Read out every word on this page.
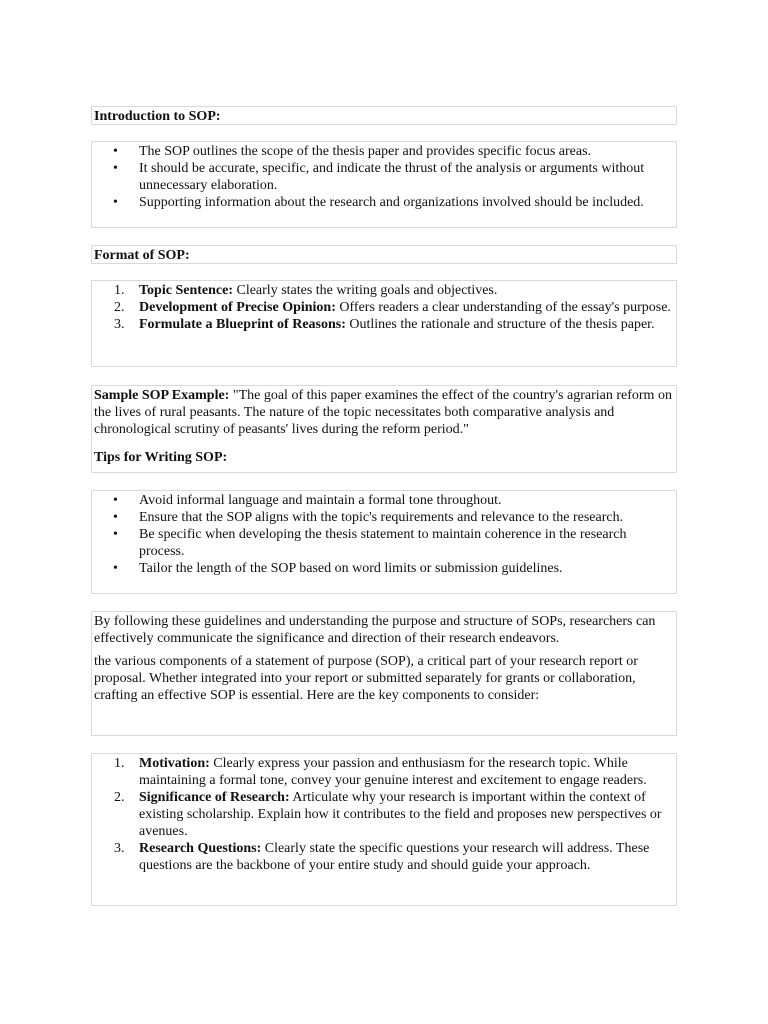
Introduction to SOP:
• The SOP outlines the scope of the thesis paper and provides specific focus areas.
• It should be accurate, specific, and indicate the thrust of the analysis or arguments without unnecessary elaboration.
• Supporting information about the research and organizations involved should be included.
Format of SOP:
1. Topic Sentence: Clearly states the writing goals and objectives.
2. Development of Precise Opinion: Offers readers a clear understanding of the essay's purpose.
3. Formulate a Blueprint of Reasons: Outlines the rationale and structure of the thesis paper.
Sample SOP Example: "The goal of this paper examines the effect of the country's agrarian reform on the lives of rural peasants. The nature of the topic necessitates both comparative analysis and chronological scrutiny of peasants' lives during the reform period."
Tips for Writing SOP:
• Avoid informal language and maintain a formal tone throughout.
• Ensure that the SOP aligns with the topic's requirements and relevance to the research.
• Be specific when developing the thesis statement to maintain coherence in the research process.
• Tailor the length of the SOP based on word limits or submission guidelines.
By following these guidelines and understanding the purpose and structure of SOPs, researchers can effectively communicate the significance and direction of their research endeavors.
the various components of a statement of purpose (SOP), a critical part of your research report or proposal. Whether integrated into your report or submitted separately for grants or collaboration, crafting an effective SOP is essential. Here are the key components to consider:
1. Motivation: Clearly express your passion and enthusiasm for the research topic. While maintaining a formal tone, convey your genuine interest and excitement to engage readers.
2. Significance of Research: Articulate why your research is important within the context of existing scholarship. Explain how it contributes to the field and proposes new perspectives or avenues.
3. Research Questions: Clearly state the specific questions your research will address. These questions are the backbone of your entire study and should guide your approach.
